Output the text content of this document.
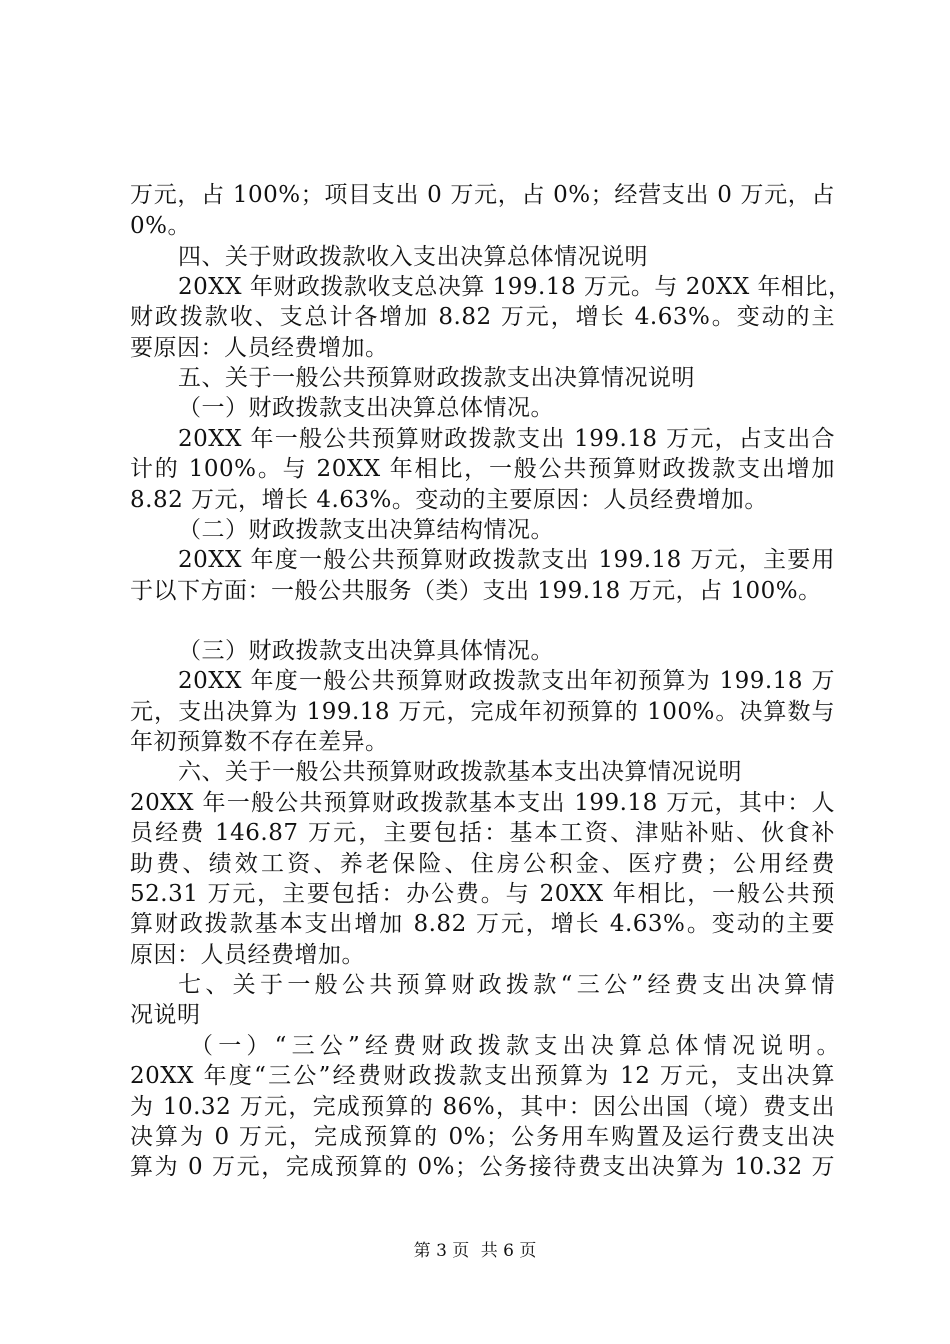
万元，占 100%；项目支出 0 万元，占 0%；经营支出 0 万元，占
0%。
四、关于财政拨款收入支出决算总体情况说明
20XX 年财政拨款收支总决算 199.18 万元。与 20XX 年相比，
财政拨款收、支总计各增加 8.82 万元，增长 4.63%。变动的主
要原因：人员经费增加。
五、关于一般公共预算财政拨款支出决算情况说明
（一）财政拨款支出决算总体情况。
20XX 年一般公共预算财政拨款支出 199.18 万元，占支出合
计的 100%。与 20XX 年相比，一般公共预算财政拨款支出增加
8.82 万元，增长 4.63%。变动的主要原因：人员经费增加。
（二）财政拨款支出决算结构情况。
20XX 年度一般公共预算财政拨款支出 199.18 万元，主要用
于以下方面：一般公共服务（类）支出 199.18 万元，占 100%。
（三）财政拨款支出决算具体情况。
20XX 年度一般公共预算财政拨款支出年初预算为 199.18 万
元，支出决算为 199.18 万元，完成年初预算的 100%。决算数与
年初预算数不存在差异。
六、关于一般公共预算财政拨款基本支出决算情况说明
20XX 年一般公共预算财政拨款基本支出 199.18 万元，其中：人
员经费 146.87 万元，主要包括：基本工资、津贴补贴、伙食补
助费、绩效工资、养老保险、住房公积金、医疗费；公用经费
52.31 万元，主要包括：办公费。与 20XX 年相比，一般公共预
算财政拨款基本支出增加 8.82 万元，增长 4.63%。变动的主要
原因：人员经费增加。
七、关于一般公共预算财政拨款“三公”经费支出决算情
况说明
（一）“三公”经费财政拨款支出决算总体情况说明。
20XX 年度“三公”经费财政拨款支出预算为 12 万元，支出决算
为 10.32 万元，完成预算的 86%，其中：因公出国（境）费支出
决算为 0 万元，完成预算的 0%；公务用车购置及运行费支出决
算为 0 万元，完成预算的 0%；公务接待费支出决算为 10.32 万
第 3 页 共 6 页
